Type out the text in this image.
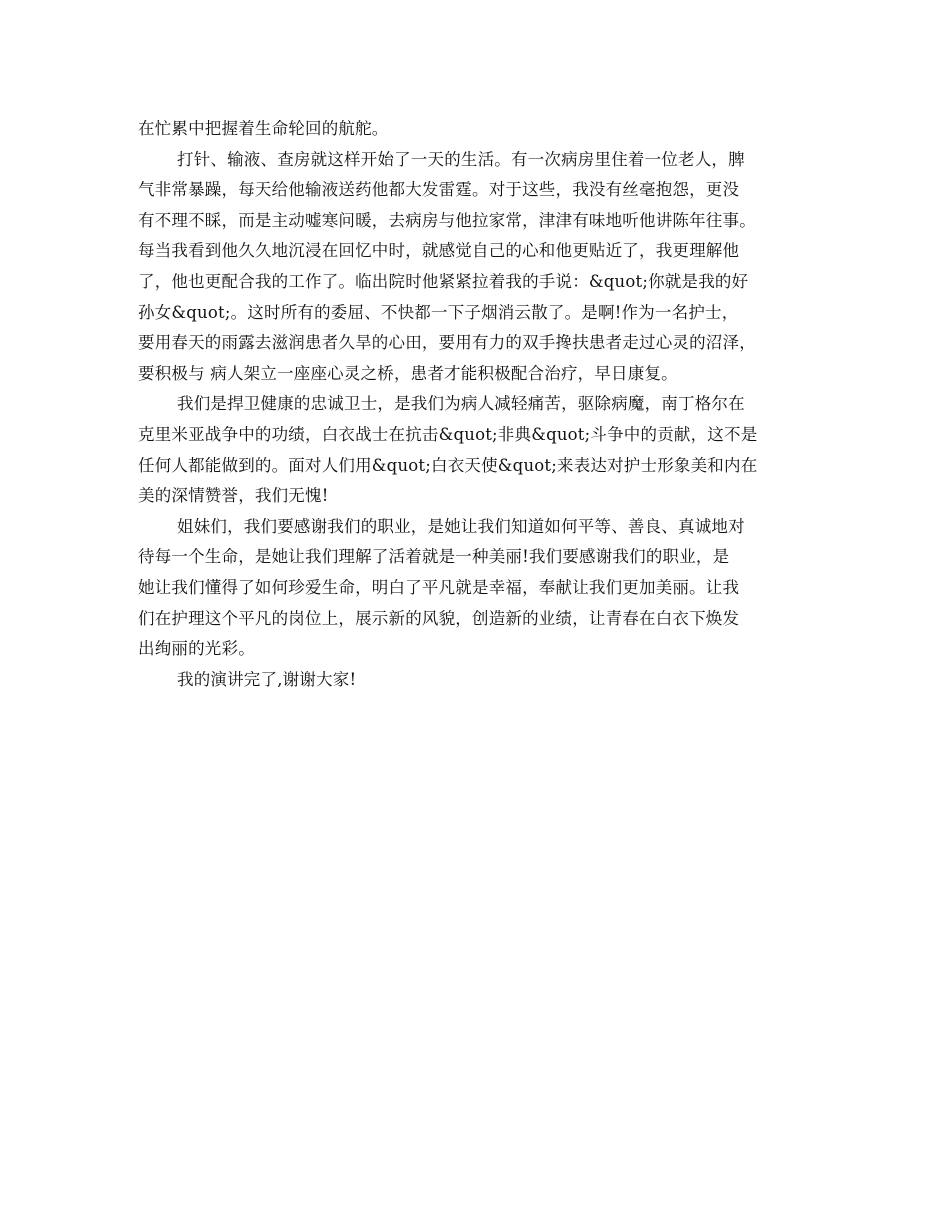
在忙累中把握着生命轮回的航舵。
打针、输液、查房就这样开始了一天的生活。有一次病房里住着一位老人，脾
气非常暴躁，每天给他输液送药他都大发雷霆。对于这些，我没有丝毫抱怨，更没
有不理不睬，而是主动嘘寒问暖，去病房与他拉家常，津津有味地听他讲陈年往事。
每当我看到他久久地沉浸在回忆中时，就感觉自己的心和他更贴近了，我更理解他
了，他也更配合我的工作了。临出院时他紧紧拉着我的手说：&quot;你就是我的好
孙女&quot;。这时所有的委屈、不快都一下子烟消云散了。是啊!作为一名护士，
要用春天的雨露去滋润患者久旱的心田，要用有力的双手搀扶患者走过心灵的沼泽，
要积极与 病人架立一座座心灵之桥，患者才能积极配合治疗，早日康复。
我们是捍卫健康的忠诚卫士，是我们为病人减轻痛苦，驱除病魔，南丁格尔在
克里米亚战争中的功绩，白衣战士在抗击&quot;非典&quot;斗争中的贡献，这不是
任何人都能做到的。面对人们用&quot;白衣天使&quot;来表达对护士形象美和内在
美的深情赞誉，我们无愧!
姐妹们，我们要感谢我们的职业，是她让我们知道如何平等、善良、真诚地对
待每一个生命，是她让我们理解了活着就是一种美丽!我们要感谢我们的职业，是
她让我们懂得了如何珍爱生命，明白了平凡就是幸福，奉献让我们更加美丽。让我
们在护理这个平凡的岗位上，展示新的风貌，创造新的业绩，让青春在白衣下焕发
出绚丽的光彩。
我的演讲完了,谢谢大家!
